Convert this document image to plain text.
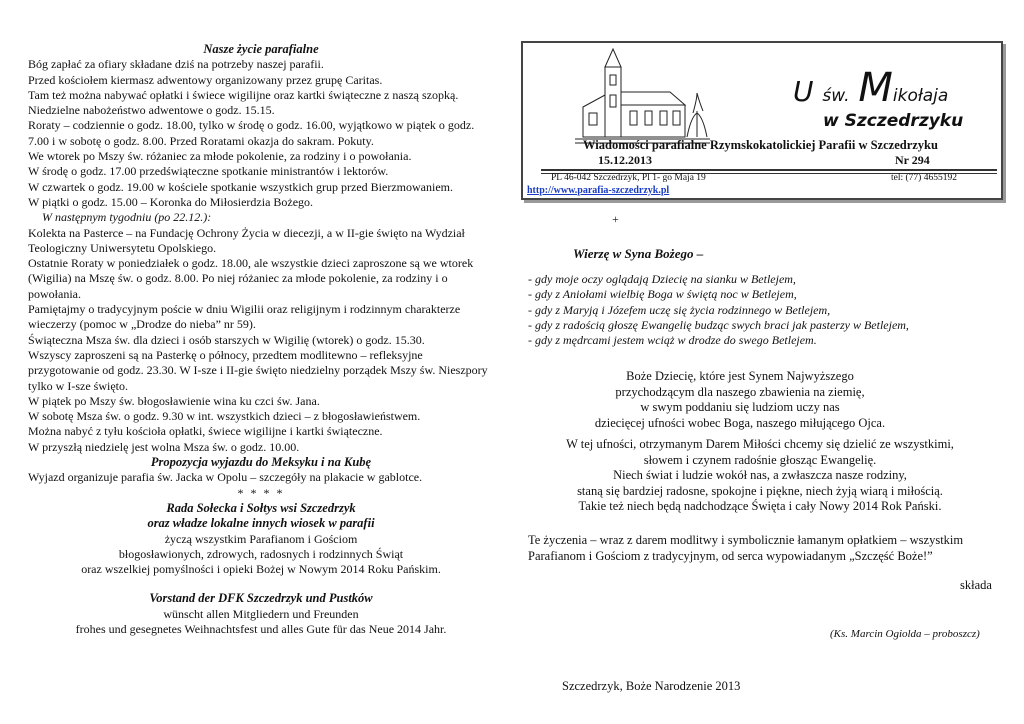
Nasze życie parafialne

Bóg zapłać za ofiary składane dziś na potrzeby naszej parafii.

Przed kościołem kiermasz adwentowy organizowany przez grupę Caritas.

Tam też można nabywać opłatki i świece wigilijne oraz kartki świąteczne z naszą szopką.

Niedzielne nabożeństwo adwentowe o godz. 15.15.

Roraty – codziennie o godz. 18.00, tylko w środę o godz. 16.00, wyjątkowo w piątek o godz. 7.00 i w sobotę o godz. 8.00. Przed Roratami okazja do sakram. Pokuty.

We wtorek po Mszy św. różaniec za młode pokolenie, za rodziny i o powołania.

W środę o godz. 17.00 przedświąteczne spotkanie ministrantów i lektorów.

W czwartek o godz. 19.00 w kościele spotkanie wszystkich grup przed Bierzmowaniem.

W piątki o godz. 15.00 – Koronka do Miłosierdzia Bożego.

W następnym tygodniu (po 22.12.):

Kolekta na Pasterce – na Fundację Ochrony Życia w diecezji, a w II-gie święto na Wydział Teologiczny Uniwersytetu Opolskiego.

Ostatnie Roraty w poniedziałek o godz. 18.00, ale wszystkie dzieci zaproszone są we wtorek (Wigilia) na Mszę św. o godz. 8.00. Po niej różaniec za młode pokolenie, za rodziny i o powołania.

Pamiętajmy o tradycyjnym poście w dniu Wigilii oraz religijnym i rodzinnym charakterze wieczerzy (pomoc w „Drodze do nieba” nr 59).

Świąteczna Msza św. dla dzieci i osób starszych w Wigilię (wtorek) o godz. 15.30.

Wszyscy zaproszeni są na Pasterkę o północy, przedtem modlitewno – refleksyjne przygotowanie od godz. 23.30. W I-sze i II-gie święto niedzielny porządek Mszy św. Nieszpory tylko w I-sze święto.

W piątek po Mszy św. błogosławienie wina ku czci św. Jana.

W sobotę Msza św. o godz. 9.30 w int. wszystkich dzieci – z błogosławieństwem.

Można nabyć z tyłu kościoła opłatki, świece wigilijne i kartki świąteczne.

W przyszłą niedzielę jest wolna Msza św. o godz. 10.00.

Propozycja wyjazdu do Meksyku i na Kubę

Wyjazd organizuje parafia św. Jacka w Opolu – szczegóły na plakacie w gablotce.

* * * *

Rada Sołecka i Sołtys wsi Szczedrzyk

oraz władze lokalne innych wiosek w parafii

życzą wszystkim Parafianom i Gościom

błogosławionych, zdrowych, radosnych i rodzinnych Świąt

oraz wszelkiej pomyślności i opieki Bożej w Nowym 2014 Roku Pańskim.

Vorstand der DFK Szczedrzyk und Pustków

wünscht allen Mitgliedern und Freunden

frohes und gesegnetes Weihnachtsfest und alles Gute für das Neue 2014 Jahr.

U św. Mikołaja
w Szczedrzyku
Wiadomości parafialne Rzymskokatolickiej Parafii w Szczedrzyku
15.12.2013	Nr 294
PL 46-042 Szczedrzyk, Pl 1- go Maja 19	tel: (77) 4655192
http://www.parafia-szczedrzyk.pl
+
Wierzę w Syna Bożego –
- gdy moje oczy oglądają Dziecię na sianku w Betlejem,
- gdy z Aniołami wielbię Boga w świętą noc w Betlejem,
- gdy z Maryją i Józefem uczę się życia rodzinnego w Betlejem,
- gdy z radością głoszę Ewangelię budząc swych braci jak pasterzy w Betlejem,
- gdy z mędrcami jestem wciąż w drodze do swego Betlejem.
Boże Dziecię, które jest Synem Najwyższego
przychodzącym dla naszego zbawienia na ziemię,
w swym poddaniu się ludziom uczy nas
dziecięcej ufności wobec Boga, naszego miłującego Ojca.
W tej ufności, otrzymanym Darem Miłości chcemy się dzielić ze wszystkimi,
słowem i czynem radośnie głosząc Ewangelię.
Niech świat i ludzie wokół nas, a zwłaszcza nasze rodziny,
staną się bardziej radosne, spokojne i piękne, niech żyją wiarą i miłością.
Takie też niech będą nadchodzące Święta i cały Nowy 2014 Rok Pański.
Te życzenia – wraz z darem modlitwy i symbolicznie łamanym opłatkiem – wszystkim Parafianom i Gościom z tradycyjnym, od serca wypowiadanym „Szczęść Boże!”
składa
(Ks. Marcin Ogiolda – proboszcz)
Szczedrzyk, Boże Narodzenie 2013
